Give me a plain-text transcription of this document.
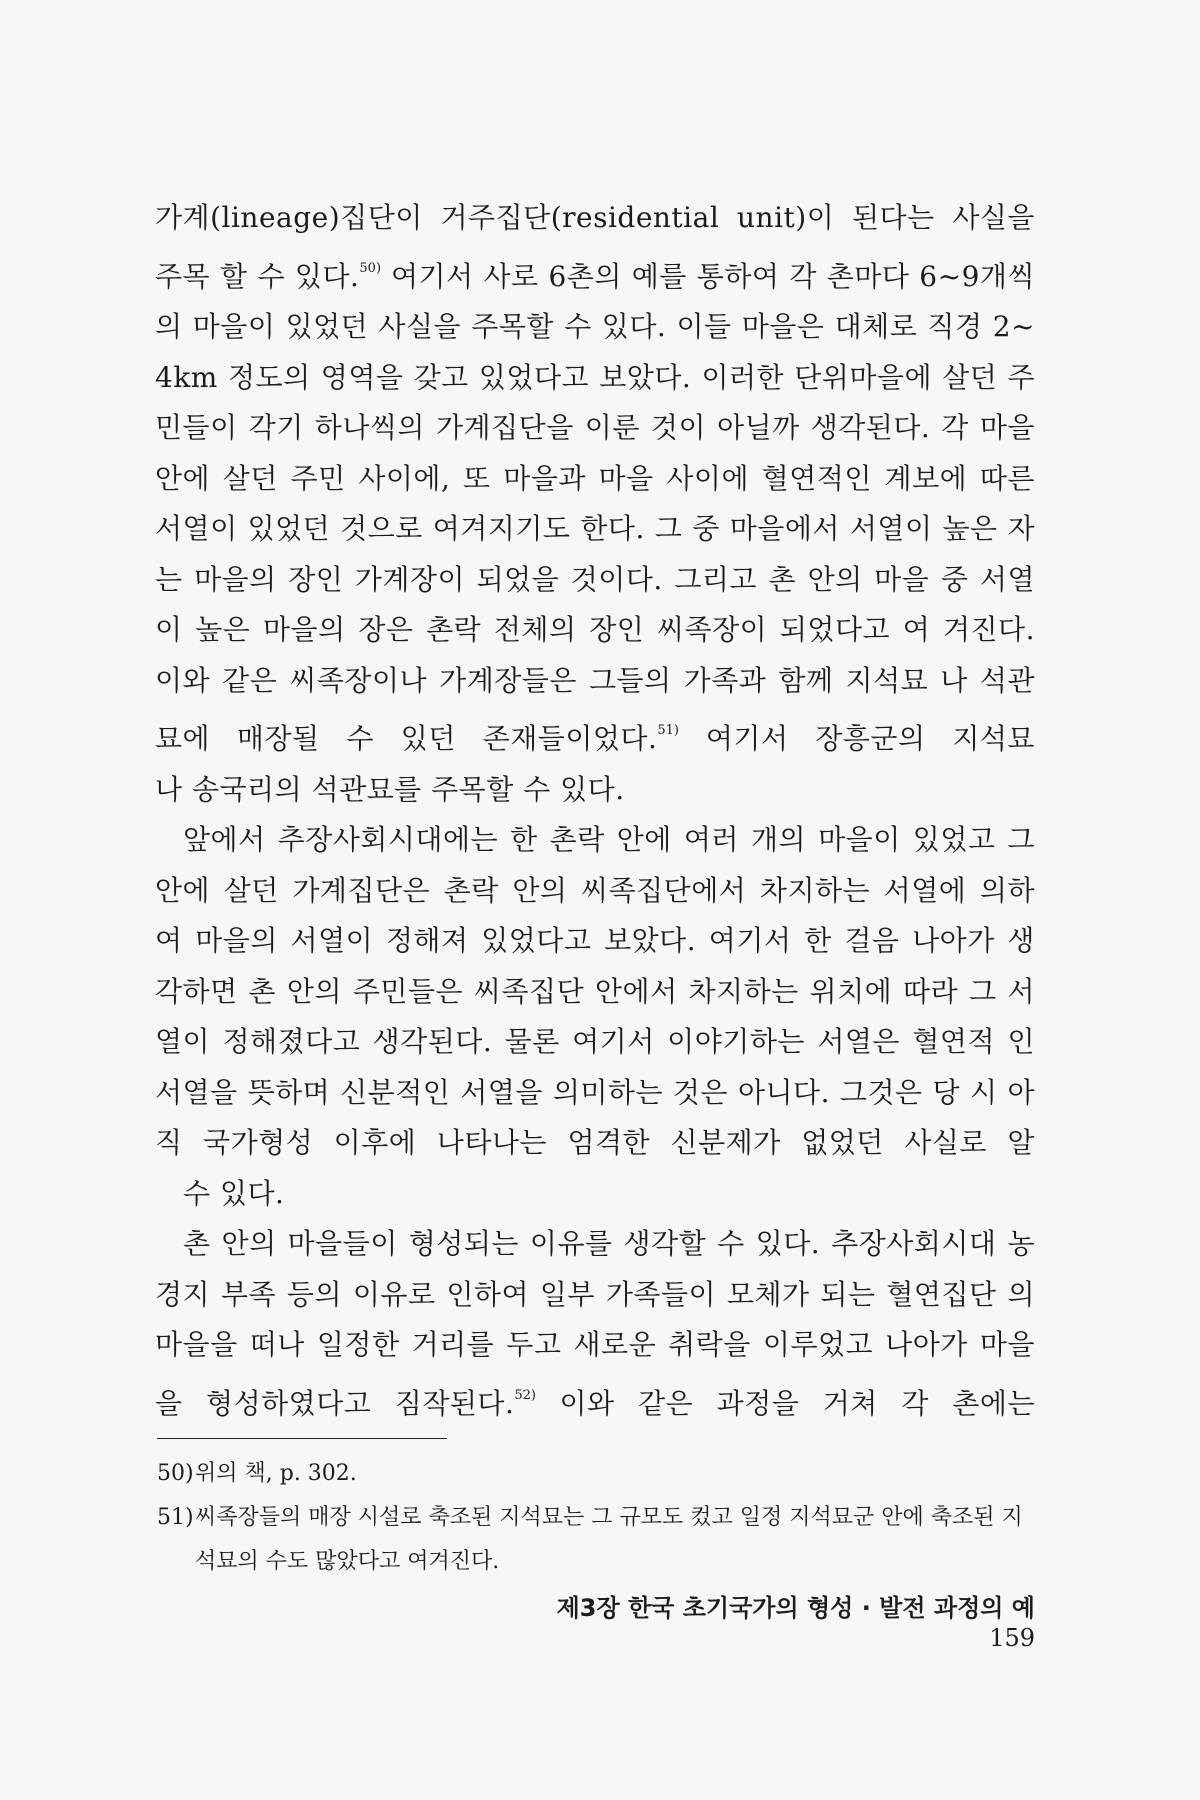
가계(lineage)집단이 거주집단(residential unit)이 된다는 사실을 주목 할 수 있다.$^{50)}$ 여기서 사로 6촌의 예를 통하여 각 촌마다 6~9개씩의 마을이 있었던 사실을 주목할 수 있다. 이들 마을은 대체로 직경 2~ 4km 정도의 영역을 갖고 있었다고 보았다. 이러한 단위마을에 살던 주민들이 각기 하나씩의 가계집단을 이룬 것이 아닐까 생각된다. 각 마을 안에 살던 주민 사이에, 또 마을과 마을 사이에 혈연적인 계보에 따른 서열이 있었던 것으로 여겨지기도 한다. 그 중 마을에서 서열이 높은 자는 마을의 장인 가계장이 되었을 것이다. 그리고 촌 안의 마을 중 서열이 높은 마을의 장은 촌락 전체의 장인 씨족장이 되었다고 여 겨진다. 이와 같은 씨족장이나 가계장들은 그들의 가족과 함께 지석묘 나 석관묘에 매장될 수 있던 존재들이었다.$^{51)}$ 여기서 장흥군의 지석묘
나 송국리의 석관묘를 주목할 수 있다.

앞에서 추장사회시대에는 한 촌락 안에 여러 개의 마을이 있었고 그 안에 살던 가계집단은 촌락 안의 씨족집단에서 차지하는 서열에 의하 여 마을의 서열이 정해져 있었다고 보았다. 여기서 한 걸음 나아가 생 각하면 촌 안의 주민들은 씨족집단 안에서 차지하는 위치에 따라 그 서열이 정해졌다고 생각된다. 물론 여기서 이야기하는 서열은 혈연적 인 서열을 뜻하며 신분적인 서열을 의미하는 것은 아니다. 그것은 당 시 아직 국가형성 이후에 나타나는 엄격한 신분제가 없었던 사실로 알
수 있다.

촌 안의 마을들이 형성되는 이유를 생각할 수 있다. 추장사회시대 농경지 부족 등의 이유로 인하여 일부 가족들이 모체가 되는 혈연집단 의 마을을 떠나 일정한 거리를 두고 새로운 취락을 이루었고 나아가 마을을 형성하였다고 짐작된다.$^{52)}$ 이와 같은 과정을 거쳐 각 촌에는

50) 위의 책, p. 302.
51) 씨족장들의 매장 시설로 축조된 지석묘는 그 규모도 컸고 일정 지석묘군 안에 축조된 지석묘의 수도 많았다고 여겨진다.
제3장 한국 초기국가의 형성 · 발전 과정의 예 159
